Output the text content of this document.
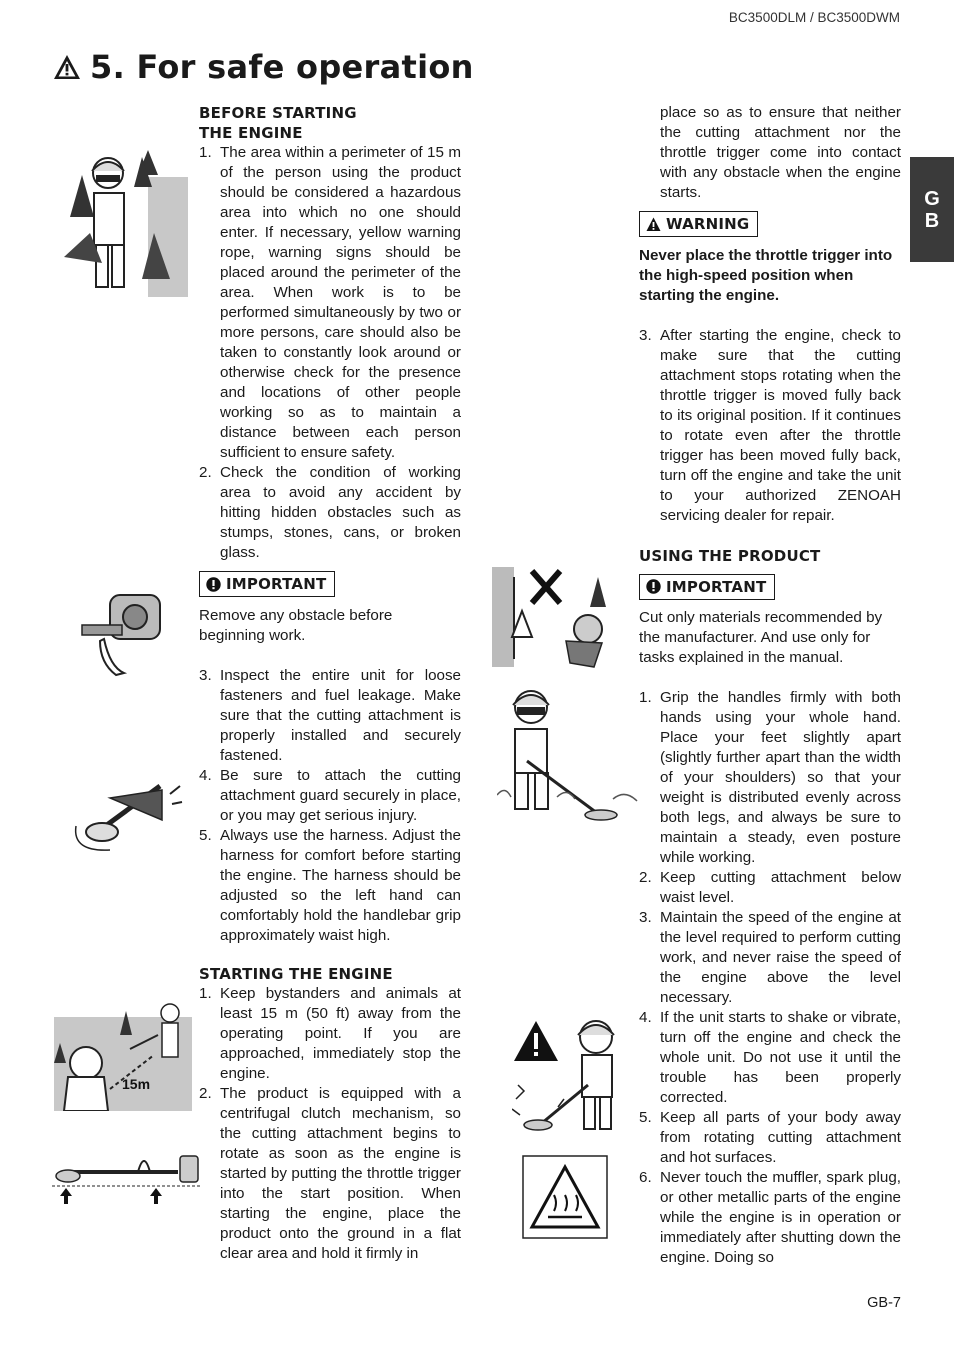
BC3500DLM / BC3500DWM
5. For safe operation
G
B
15m
BEFORE STARTING
THE ENGINE
1. The area within a perimeter of 15 m of the person using the product should be considered a hazardous area into which no one should enter. If necessary, yellow warning rope, warning signs should be placed around the perimeter of the area. When work is to be performed simultaneously by two or more persons, care should also be taken to constantly look around or otherwise check for the presence and locations of other people working so as to maintain a distance between each person sufficient to ensure safety.
2. Check the condition of working area to avoid any accident by hitting hidden obstacles such as stumps, stones, cans, or broken glass.
IMPORTANT
Remove any obstacle before beginning work.
3. Inspect the entire unit for loose fasteners and fuel leakage. Make sure that the cutting attachment is properly installed and securely fastened.
4. Be sure to attach the cutting attachment guard securely in place, or you may get serious injury.
5. Always use the harness. Adjust the harness for comfort before starting the engine. The harness should be adjusted so the left hand can comfortably hold the handlebar grip approximately waist high.
STARTING THE ENGINE
1. Keep bystanders and animals at least 15 m (50 ft) away from the operating point. If you are approached, immediately stop the engine.
2. The product is equipped with a centrifugal clutch mechanism, so the cutting attachment begins to rotate as soon as the engine is started by putting the throttle trigger into the start position. When starting the engine, place the product onto the ground in a flat clear area and hold it firmly in
place so as to ensure that neither the cutting attachment nor the throttle trigger come into contact with any obstacle when the engine starts.
WARNING
Never place the throttle trigger into the high-speed position when starting the engine.
3. After starting the engine, check to make sure that the cutting attachment stops rotating when the throttle trigger is moved fully back to its original position. If it continues to rotate even after the throttle trigger has been moved fully back, turn off the engine and take the unit to your authorized ZENOAH servicing dealer for repair.
USING THE PRODUCT
IMPORTANT
Cut only materials recommended by the manufacturer. And use only for tasks explained in the manual.
1. Grip the handles firmly with both hands using your whole hand. Place your feet slightly apart (slightly further apart than the width of your shoulders) so that your weight is distributed evenly across both legs, and always be sure to maintain a steady, even posture while working.
2. Keep cutting attachment below waist level.
3. Maintain the speed of the engine at the level required to perform cutting work, and never raise the speed of the engine above the level necessary.
4. If the unit starts to shake or vibrate, turn off the engine and check the whole unit. Do not use it until the trouble has been properly corrected.
5. Keep all parts of your body away from rotating cutting attachment and hot surfaces.
6. Never touch the muffler, spark plug, or other metallic parts of the engine while the engine is in operation or immediately after shutting down the engine. Doing so
GB-7
